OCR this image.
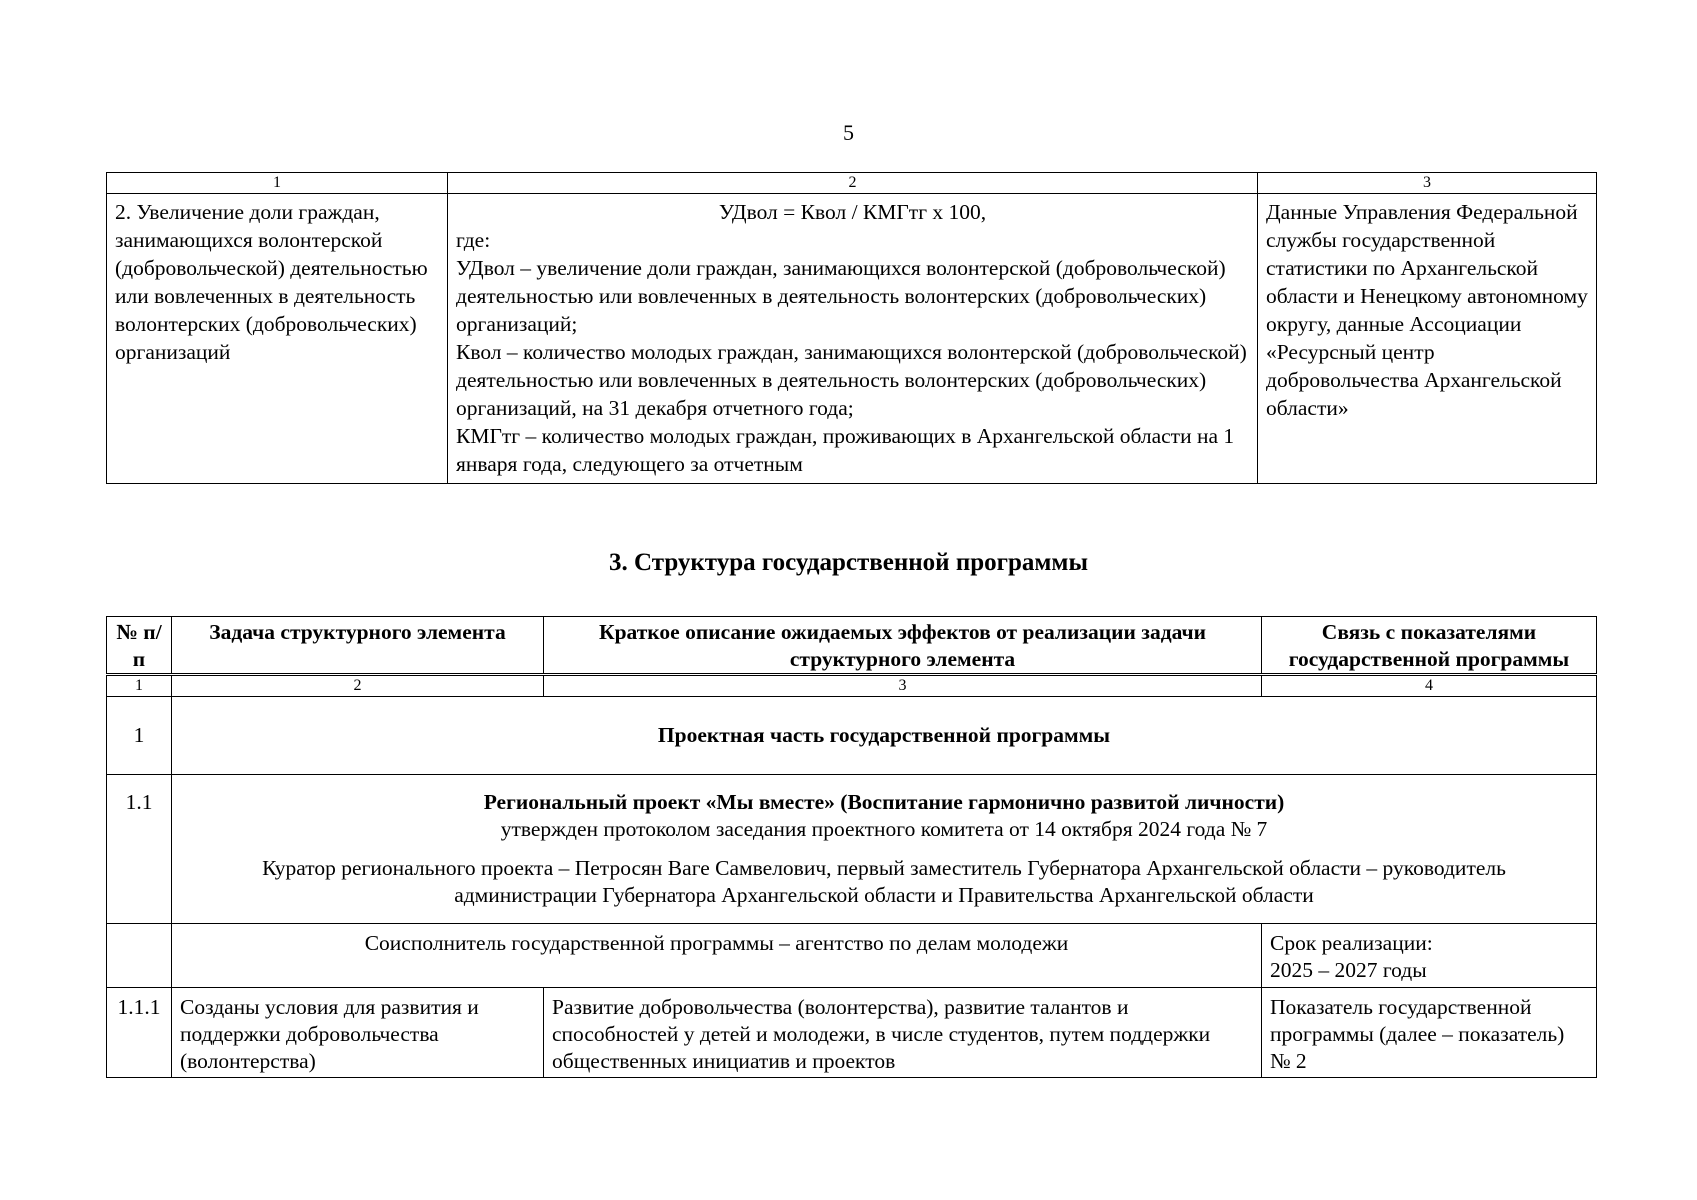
5
1	2	3
2. Увеличение доли граждан, занимающихся волонтерской (добровольческой) деятельностью или вовлеченных в деятельность волонтерских (добровольческих) организаций	УДвол = Квол / КМГтг x 100,
где:
УДвол – увеличение доли граждан, занимающихся волонтерской (добровольческой) деятельностью или вовлеченных в деятельность волонтерских (добровольческих) организаций;
Квол – количество молодых граждан, занимающихся волонтерской (добровольческой) деятельностью или вовлеченных в деятельность волонтерских (добровольческих) организаций, на 31 декабря отчетного года;
КМГтг – количество молодых граждан, проживающих в Архангельской области на 1 января года, следующего за отчетным	Данные Управления Федеральной службы государственной статистики по Архангельской области и Ненецкому автономному округу, данные Ассоциации «Ресурсный центр добровольчества Архангельской области»
3. Структура государственной программы
№ п/п	Задача структурного элемента	Краткое описание ожидаемых эффектов от реализации задачи структурного элемента	Связь с показателями государственной программы
1	2	3	4
1	Проектная часть государственной программы		
1.1	Региональный проект «Мы вместе» (Воспитание гармонично развитой личности)
утвержден протоколом заседания проектного комитета от 14 октября 2024 года № 7
Куратор регионального проекта – Петросян Ваге Самвелович, первый заместитель Губернатора Архангельской области – руководитель администрации Губернатора Архангельской области и Правительства Архангельской области		

	Соисполнитель государственной программы – агентство по делам молодежи		Срок реализации:
2025 – 2027 годы

1.1.1	Созданы условия для развития и поддержки добровольчества (волонтерства)	Развитие добровольчества (волонтерства), развитие талантов и способностей у детей и молодежи, в числе студентов, путем поддержки общественных инициатив и проектов	Показатель государственной программы (далее – показатель) № 2
